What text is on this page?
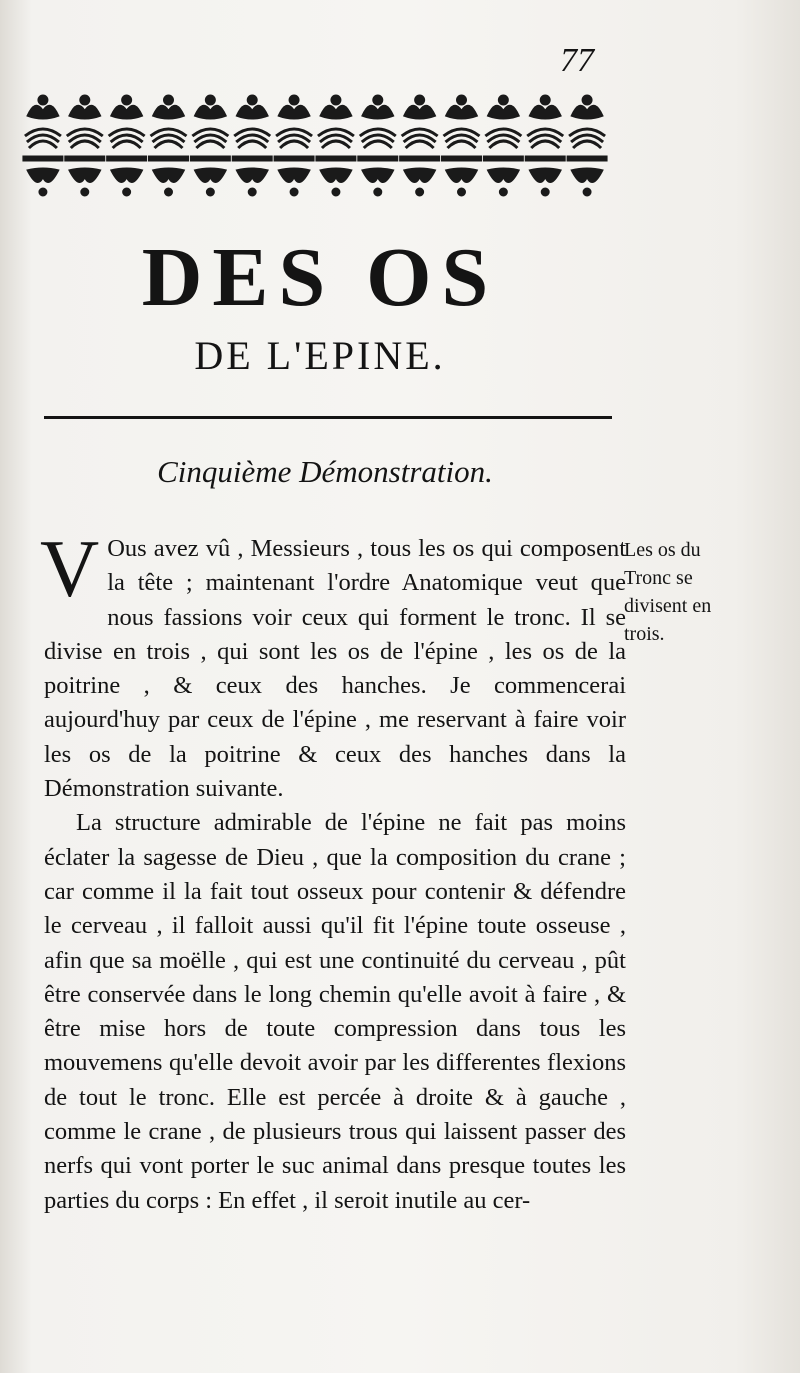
77
DES OS
DE L'EPINE.
Cinquième Démonstration.

V Ous avez vû , Messieurs , tous les os qui composent la tête ; maintenant l'ordre Anatomique veut que nous fassions voir ceux qui forment le tronc. Il se divise en trois , qui sont les os de l'épine , les os de la poitrine , & ceux des hanches. Je commencerai aujourd'huy par ceux de l'épine , me reservant à faire voir les os de la poitrine & ceux des hanches dans la Démonstration suivante.

La structure admirable de l'épine ne fait pas moins éclater la sagesse de Dieu , que la composition du crane ; car comme il la fait tout osseux pour contenir & défendre le cerveau , il falloit aussi qu'il fit l'épine toute osseuse , afin que sa moëlle , qui est une continuité du cerveau , pût être conservée dans le long chemin qu'elle avoit à faire , & être mise hors de toute compression dans tous les mouvemens qu'elle devoit avoir par les differentes flexions de tout le tronc. Elle est percée à droite & à gauche , comme le crane , de plusieurs trous qui laissent passer des nerfs qui vont porter le suc animal dans presque toutes les parties du corps : En effet , il seroit inutile au cer-

Les os du Tronc se divisent en trois.
